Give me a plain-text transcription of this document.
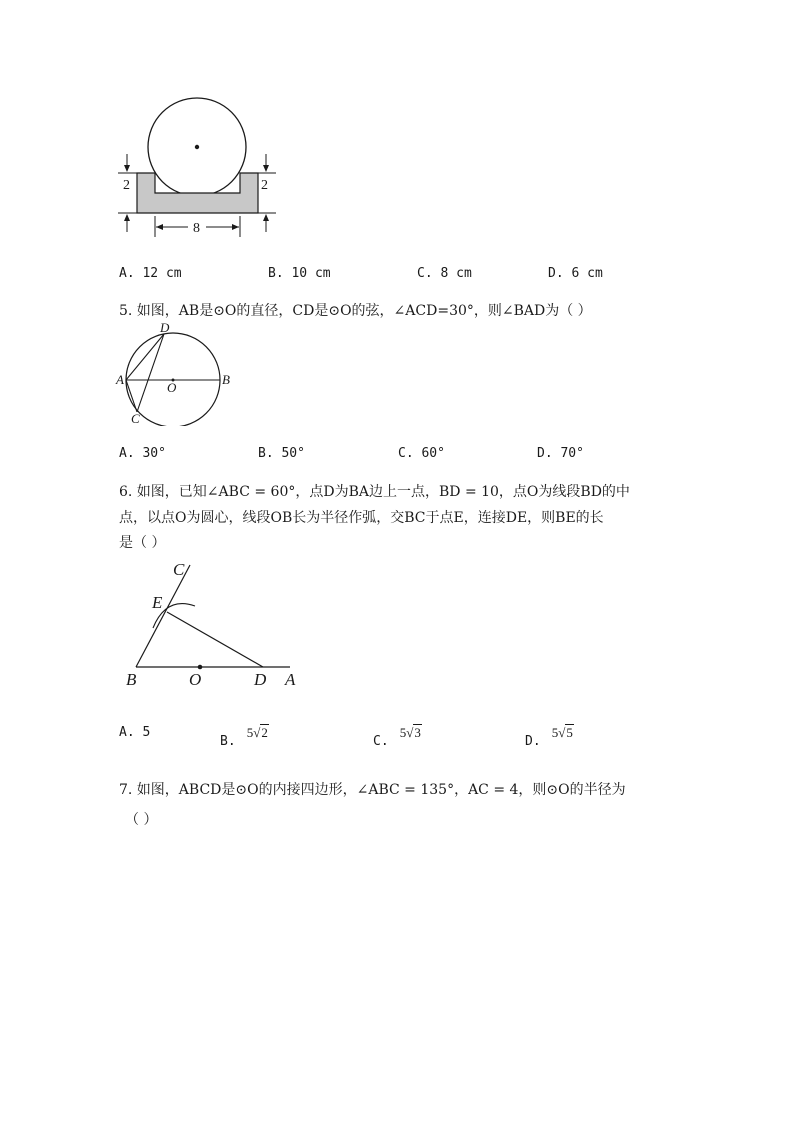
2	2
8
A. 12 cm	B. 10 cm	C. 8 cm	D. 6 cm
5. 如图，AB是⊙O的直径，CD是⊙O的弦，∠ACD=30°，则∠BAD为（ ）
A	B
C
D
O
A. 30°	B. 50°	C. 60°	D. 70°
6. 如图，已知∠ABC = 60°，点D为BA边上一点，BD = 10，点O为线段BD的中
点，以点O为圆心，线段OB长为半径作弧，交BC于点E，连接DE，则BE的长
是（ ）
C
E
B	O	D A
A. 5
$_{B.}$ 5√2
$_{C.}$ 5√3
$_{D.}$ 5√5
7. 如图，ABCD是⊙O的内接四边形，∠ABC = 135°，AC = 4，则⊙O的半径为
（ ）
